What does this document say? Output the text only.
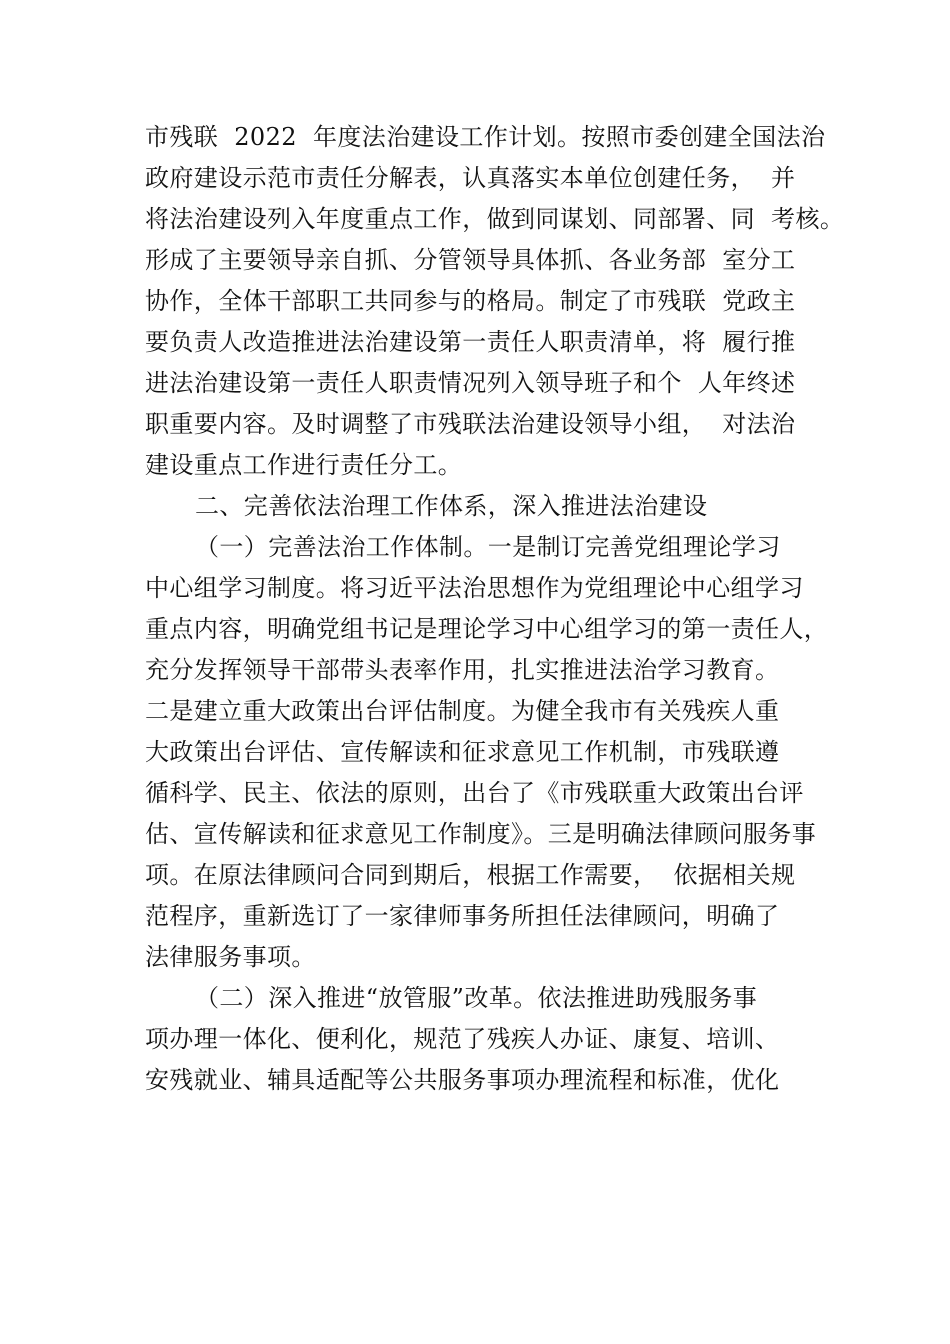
市残联  2022  年度法治建设工作计划。按照市委创建全国法治
政府建设示范市责任分解表，认真落实本单位创建任务，  并
将法治建设列入年度重点工作，做到同谋划、同部署、同  考核。
形成了主要领导亲自抓、分管领导具体抓、各业务部  室分工
协作，全体干部职工共同参与的格局。制定了市残联  党政主
要负责人改造推进法治建设第一责任人职责清单，将  履行推
进法治建设第一责任人职责情况列入领导班子和个  人年终述
职重要内容。及时调整了市残联法治建设领导小组，  对法治
建设重点工作进行责任分工。
二、完善依法治理工作体系，深入推进法治建设
（一）完善法治工作体制。一是制订完善党组理论学习
中心组学习制度。将习近平法治思想作为党组理论中心组学习
重点内容，明确党组书记是理论学习中心组学习的第一责任人，
充分发挥领导干部带头表率作用，扎实推进法治学习教育。
二是建立重大政策出台评估制度。为健全我市有关残疾人重
大政策出台评估、宣传解读和征求意见工作机制，市残联遵
循科学、民主、依法的原则，出台了《市残联重大政策出台评
估、宣传解读和征求意见工作制度》。三是明确法律顾问服务事
项。在原法律顾问合同到期后，根据工作需要，  依据相关规
范程序，重新选订了一家律师事务所担任法律顾问，明确了
法律服务事项。
（二）深入推进“放管服”改革。依法推进助残服务事
项办理一体化、便利化，规范了残疾人办证、康复、培训、
安残就业、辅具适配等公共服务事项办理流程和标准，优化
